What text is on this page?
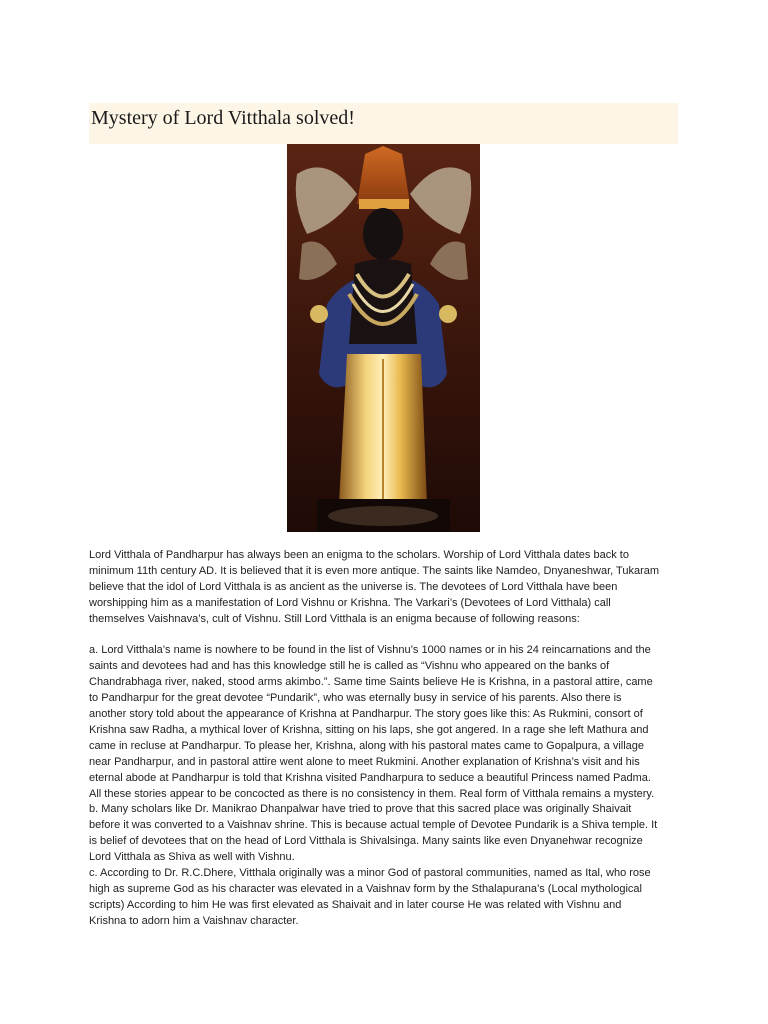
Mystery of Lord Vitthala solved!

Lord Vitthala of Pandharpur has always been an enigma to the scholars. Worship of Lord Vitthala dates back to

minimum 11th century AD. It is believed that it is even more antique. The saints like Namdeo, Dnyaneshwar, Tukaram

believe that the idol of Lord Vitthala is as ancient as the universe is. The devotees of Lord Vitthala have been

worshipping him as a manifestation of Lord Vishnu or Krishna. The Varkari’s (Devotees of Lord Vitthala) call

themselves Vaishnava’s, cult of Vishnu. Still Lord Vitthala is an enigma because of following reasons:

a. Lord Vitthala’s name is nowhere to be found in the list of Vishnu’s 1000 names or in his 24 reincarnations and the

saints and devotees had and has this knowledge still he is called as “Vishnu who appeared on the banks of

Chandrabhaga river, naked, stood arms akimbo.”. Same time Saints believe He is Krishna, in a pastoral attire, came

to Pandharpur for the great devotee “Pundarik”, who was eternally busy in service of his parents. Also there is

another story told about the appearance of Krishna at Pandharpur. The story goes like this: As Rukmini, consort of

Krishna saw Radha, a mythical lover of Krishna, sitting on his laps, she got angered. In a rage she left Mathura and

came in recluse at Pandharpur. To please her, Krishna, along with his pastoral mates came to Gopalpura, a village

near Pandharpur, and in pastoral attire went alone to meet Rukmini. Another explanation of Krishna’s visit and his

eternal abode at Pandharpur is told that Krishna visited Pandharpura to seduce a beautiful Princess named Padma.

All these stories appear to be concocted as there is no consistency in them. Real form of Vitthala remains a mystery.

b. Many scholars like Dr. Manikrao Dhanpalwar have tried to prove that this sacred place was originally Shaivait

before it was converted to a Vaishnav shrine. This is because actual temple of Devotee Pundarik is a Shiva temple. It

is belief of devotees that on the head of Lord Vitthala is Shivalsinga. Many saints like even Dnyanehwar recognize

Lord Vitthala as Shiva as well with Vishnu.

c. According to Dr. R.C.Dhere, Vitthala originally was a minor God of pastoral communities, named as Ital, who rose

high as supreme God as his character was elevated in a Vaishnav form by the Sthalapurana’s (Local mythological

scripts) According to him He was first elevated as Shaivait and in later course He was related with Vishnu and

Krishna to adorn him a Vaishnav character.
